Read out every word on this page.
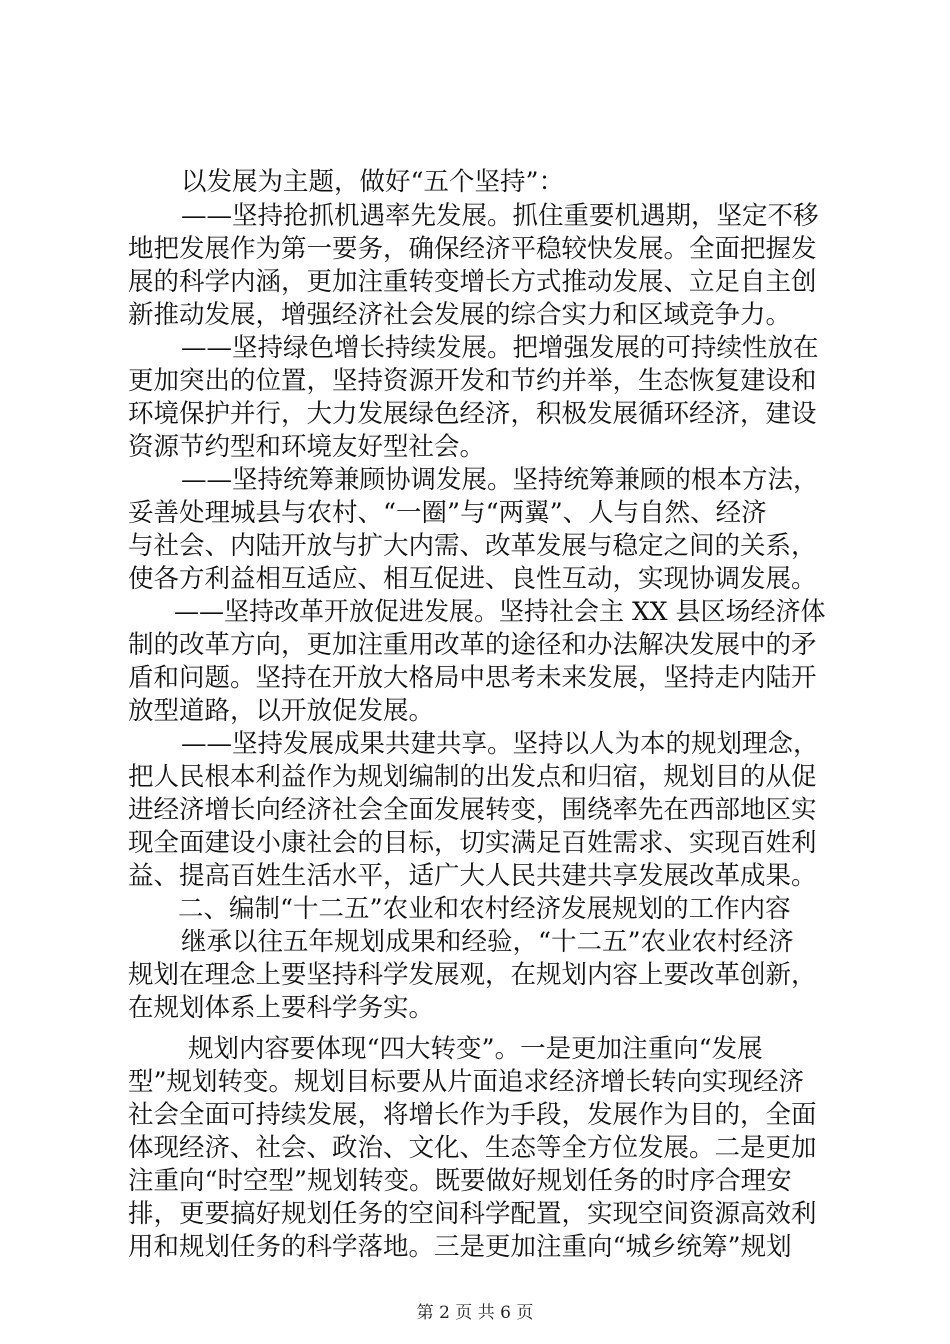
以发展为主题，做好“五个坚持”：
——坚持抢抓机遇率先发展。抓住重要机遇期，坚定不移
地把发展作为第一要务，确保经济平稳较快发展。全面把握发
展的科学内涵，更加注重转变增长方式推动发展、立足自主创
新推动发展，增强经济社会发展的综合实力和区域竞争力。
——坚持绿色增长持续发展。把增强发展的可持续性放在
更加突出的位置，坚持资源开发和节约并举，生态恢复建设和
环境保护并行，大力发展绿色经济，积极发展循环经济，建设
资源节约型和环境友好型社会。
——坚持统筹兼顾协调发展。坚持统筹兼顾的根本方法，
妥善处理城县与农村、“一圈”与“两翼”、人与自然、经济
与社会、内陆开放与扩大内需、改革发展与稳定之间的关系，
使各方利益相互适应、相互促进、良性互动，实现协调发展。
——坚持改革开放促进发展。坚持社会主 XX 县区场经济体
制的改革方向，更加注重用改革的途径和办法解决发展中的矛
盾和问题。坚持在开放大格局中思考未来发展，坚持走内陆开
放型道路，以开放促发展。
——坚持发展成果共建共享。坚持以人为本的规划理念，
把人民根本利益作为规划编制的出发点和归宿，规划目的从促
进经济增长向经济社会全面发展转变，围绕率先在西部地区实
现全面建设小康社会的目标，切实满足百姓需求、实现百姓利
益、提高百姓生活水平，适广大人民共建共享发展改革成果。
二、编制“十二五”农业和农村经济发展规划的工作内容
继承以往五年规划成果和经验，“十二五”农业农村经济
规划在理念上要坚持科学发展观，在规划内容上要改革创新，
在规划体系上要科学务实。
规划内容要体现“四大转变”。一是更加注重向“发展
型”规划转变。规划目标要从片面追求经济增长转向实现经济
社会全面可持续发展，将增长作为手段，发展作为目的，全面
体现经济、社会、政治、文化、生态等全方位发展。二是更加
注重向“时空型”规划转变。既要做好规划任务的时序合理安
排，更要搞好规划任务的空间科学配置，实现空间资源高效利
用和规划任务的科学落地。三是更加注重向“城乡统筹”规划
第 2 页 共 6 页
